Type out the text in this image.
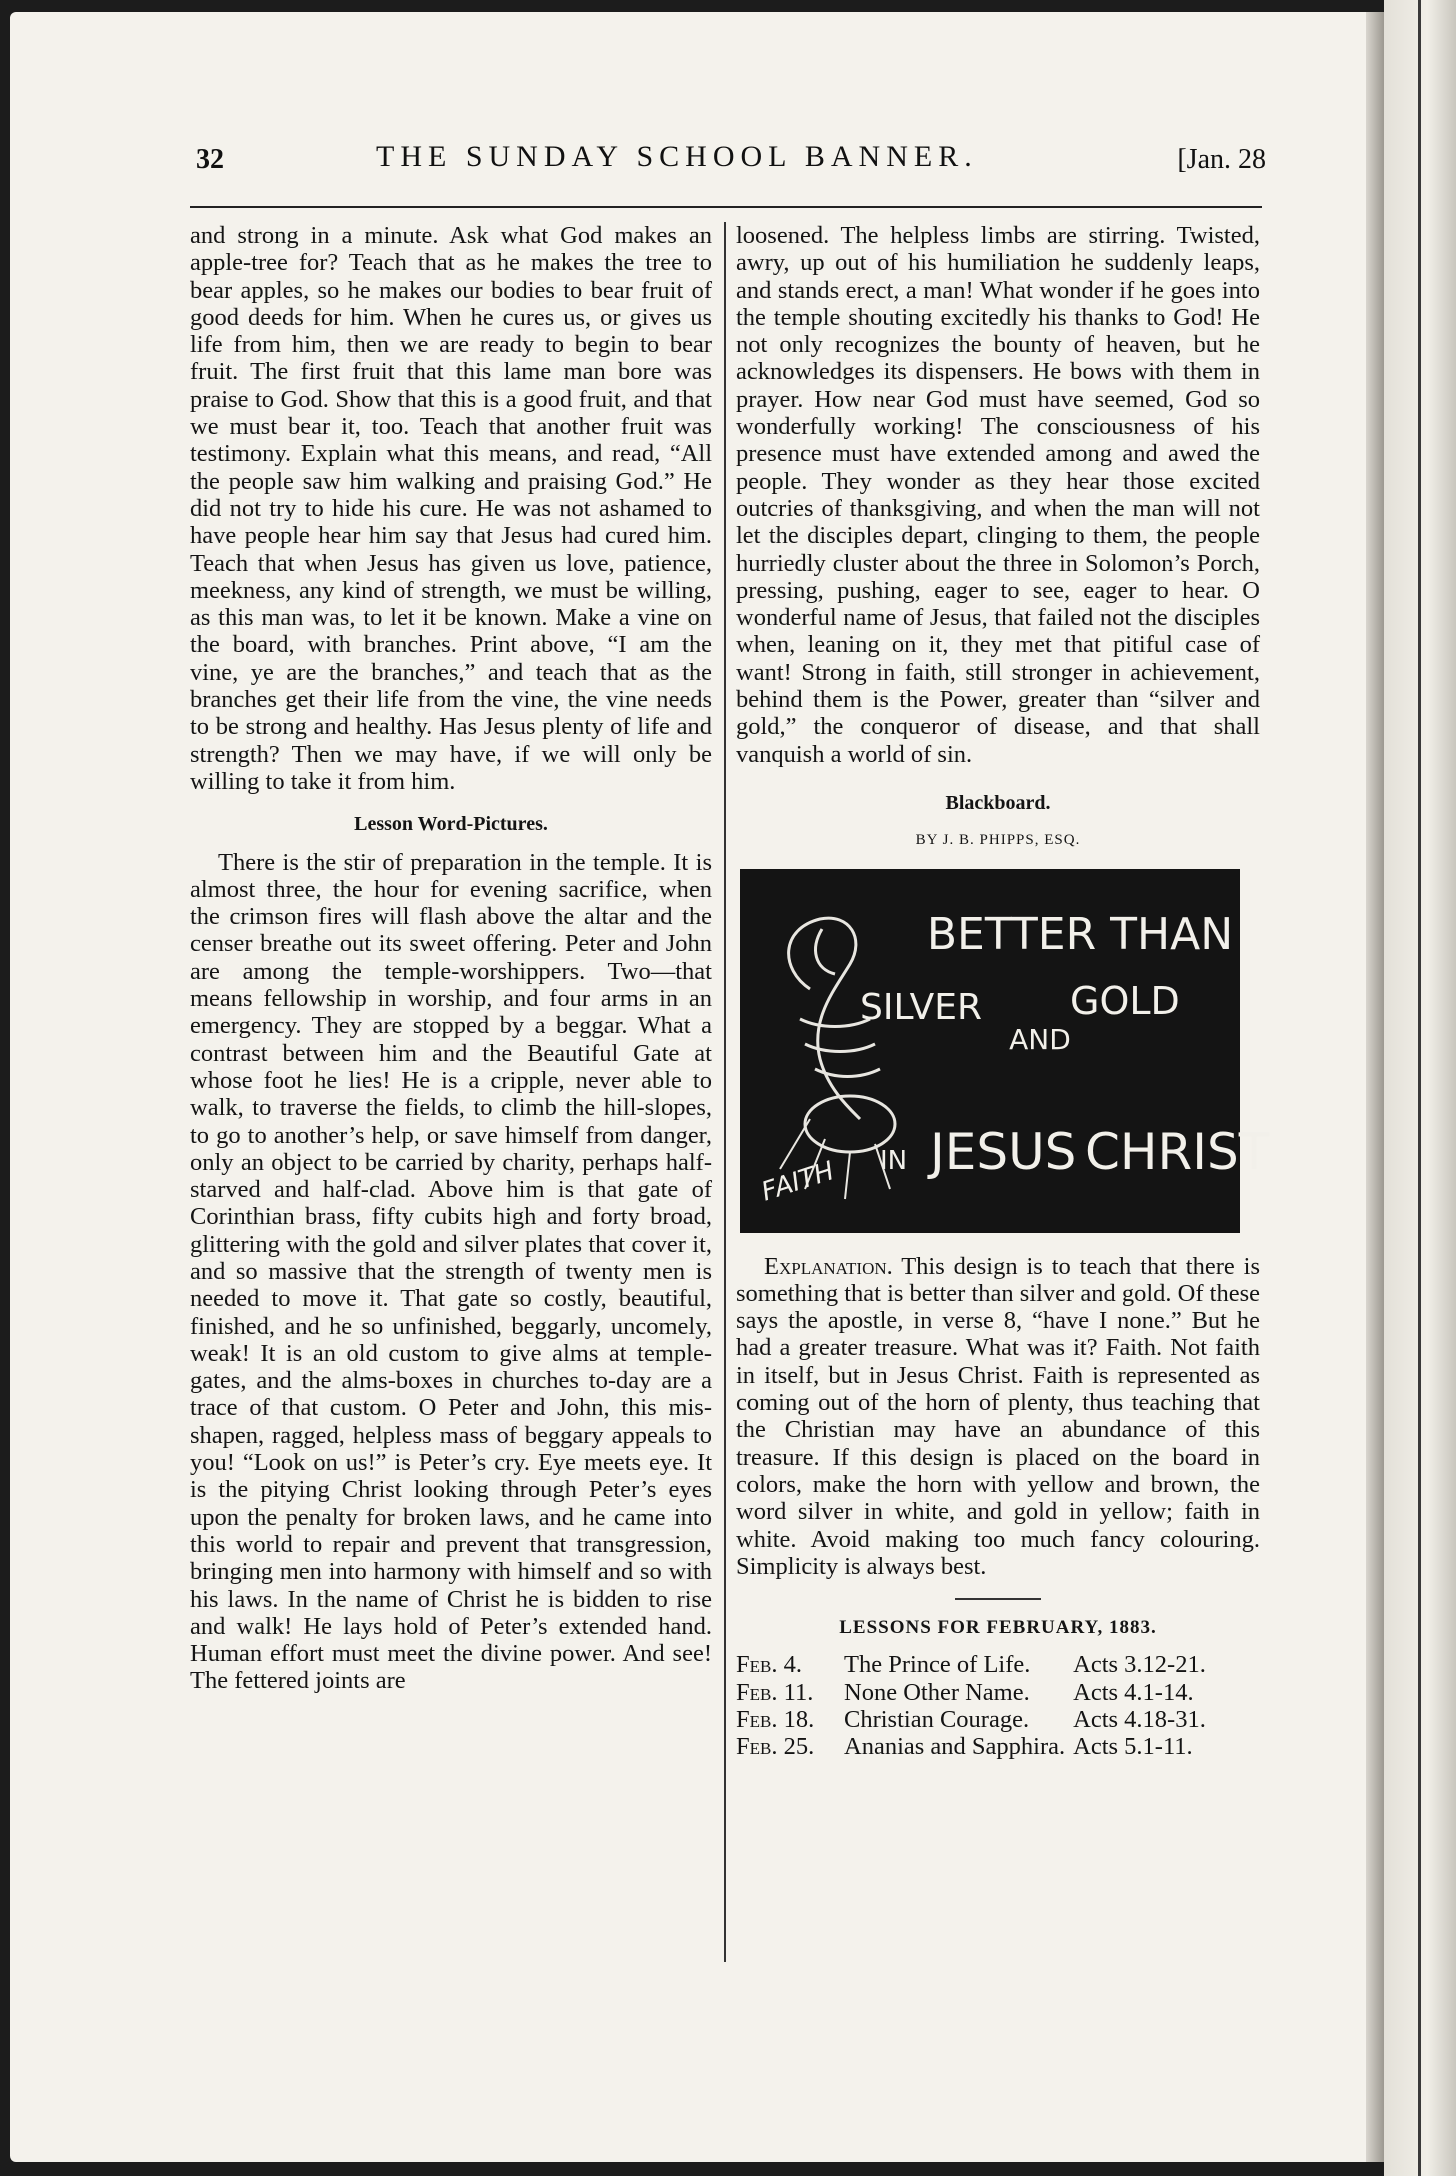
32	THE SUNDAY SCHOOL BANNER.	[Jan. 28

and strong in a minute. Ask what God makes an apple-tree for? Teach that as he makes the tree to bear apples, so he makes our bodies to bear fruit of good deeds for him. When he cures us, or gives us life from him, then we are ready to begin to bear fruit. The first fruit that this lame man bore was praise to God. Show that this is a good fruit, and that we must bear it, too. Teach that another fruit was testimony. Explain what this means, and read, “All the people saw him walking and praising God.” He did not try to hide his cure. He was not ashamed to have people hear him say that Jesus had cured him. Teach that when Jesus has given us love, patience, meekness, any kind of strength, we must be willing, as this man was, to let it be known. Make a vine on the board, with branches. Print above, “I am the vine, ye are the branches,” and teach that as the branches get their life from the vine, the vine needs to be strong and healthy. Has Jesus plenty of life and strength? Then we may have, if we will only be willing to take it from him.

Lesson Word-Pictures.

There is the stir of preparation in the temple. It is almost three, the hour for evening sacrifice, when the crimson fires will flash above the altar and the censer breathe out its sweet offering. Peter and John are among the temple-worshippers. Two—that means fellowship in worship, and four arms in an emergency. They are stopped by a beggar. What a contrast between him and the Beautiful Gate at whose foot he lies! He is a cripple, never able to walk, to traverse the fields, to climb the hill-slopes, to go to another’s help, or save himself from danger, only an object to be carried by charity, perhaps half-starved and half-clad. Above him is that gate of Corinthian brass, fifty cubits high and forty broad, glittering with the gold and silver plates that cover it, and so massive that the strength of twenty men is needed to move it. That gate so costly, beautiful, finished, and he so unfinished, beggarly, uncomely, weak! It is an old custom to give alms at temple-gates, and the alms-boxes in churches to-day are a trace of that custom. O Peter and John, this mis-shapen, ragged, helpless mass of beggary appeals to you! “Look on us!” is Peter’s cry. Eye meets eye. It is the pitying Christ looking through Peter’s eyes upon the penalty for broken laws, and he came into this world to repair and prevent that transgression, bringing men into harmony with himself and so with his laws. In the name of Christ he is bidden to rise and walk! He lays hold of Peter’s extended hand. Human effort must meet the divine power. And see! The fettered joints are

loosened. The helpless limbs are stirring. Twisted, awry, up out of his humiliation he suddenly leaps, and stands erect, a man! What wonder if he goes into the temple shouting excitedly his thanks to God! He not only recognizes the bounty of heaven, but he acknowledges its dispensers. He bows with them in prayer. How near God must have seemed, God so wonderfully working! The consciousness of his presence must have extended among and awed the people. They wonder as they hear those excited outcries of thanksgiving, and when the man will not let the disciples depart, clinging to them, the people hurriedly cluster about the three in Solomon’s Porch, pressing, pushing, eager to see, eager to hear. O wonderful name of Jesus, that failed not the disciples when, leaning on it, they met that pitiful case of want! Strong in faith, still stronger in achievement, behind them is the Power, greater than “silver and gold,” the conqueror of disease, and that shall vanquish a world of sin.

Blackboard.
BY J. B. PHIPPS, ESQ.
BETTER THAN
SILVER
AND
GOLD
FAITH IN JESUS CHRIST

Explanation. This design is to teach that there is something that is better than silver and gold. Of these says the apostle, in verse 8, “have I none.” But he had a greater treasure. What was it? Faith. Not faith in itself, but in Jesus Christ. Faith is represented as coming out of the horn of plenty, thus teaching that the Christian may have an abundance of this treasure. If this design is placed on the board in colors, make the horn with yellow and brown, the word silver in white, and gold in yellow; faith in white. Avoid making too much fancy colouring. Simplicity is always best.

LESSONS FOR FEBRUARY, 1883.
Feb. 4.	The Prince of Life.	Acts 3.12-21.
Feb. 11.	None Other Name.	Acts 4.1-14.
Feb. 18.	Christian Courage.	Acts 4.18-31.
Feb. 25.	Ananias and Sapphira.	Acts 5.1-11.
